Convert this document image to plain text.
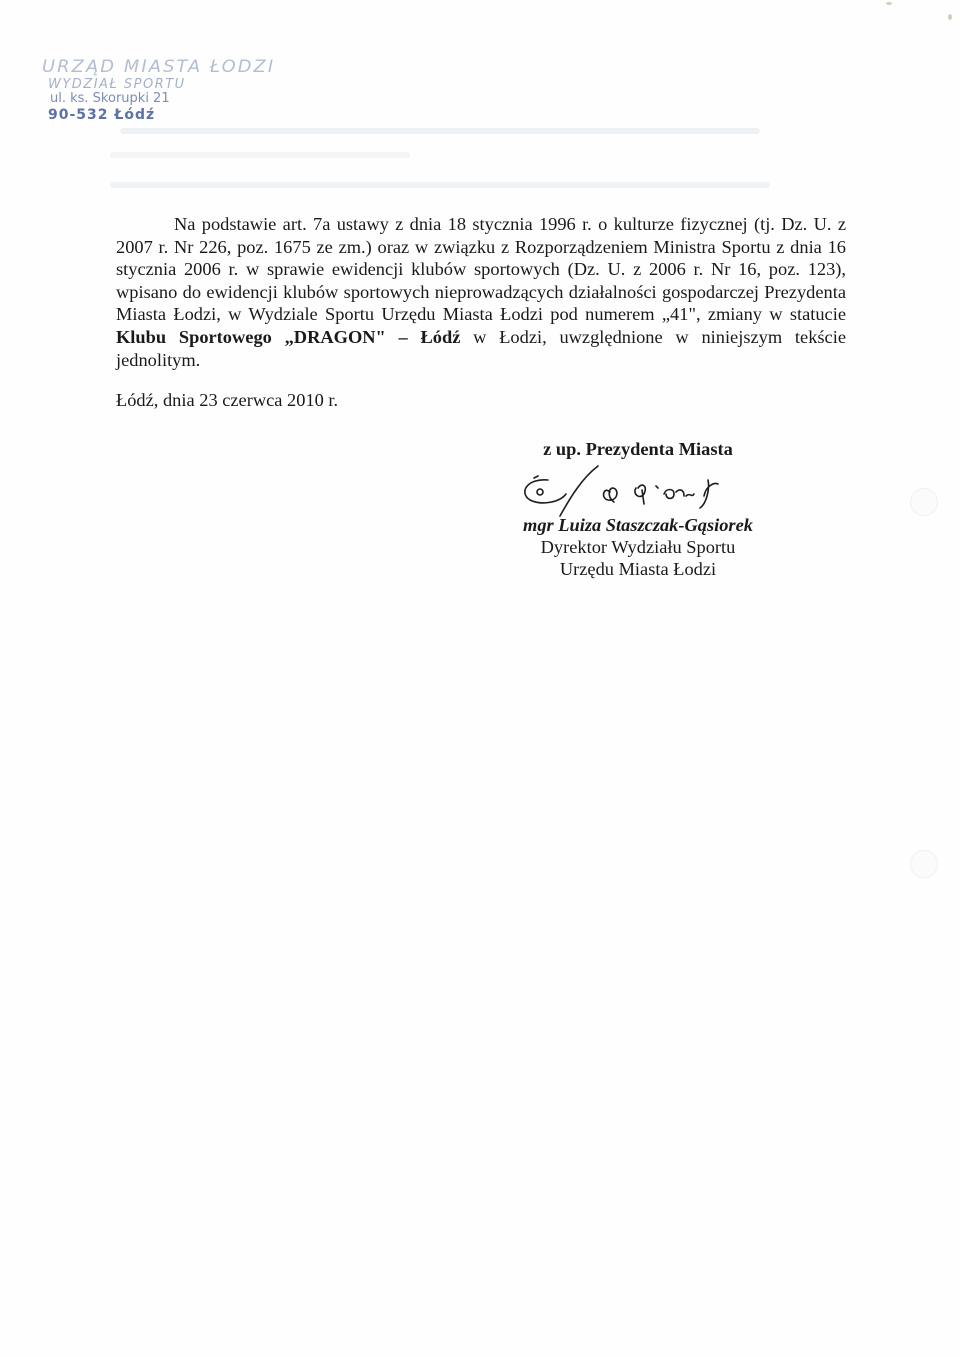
URZĄD MIASTA ŁODZI
WYDZIAŁ SPORTU
ul. ks. Skorupki 21
90-532 Łódź

Na podstawie art. 7a ustawy z dnia 18 stycznia 1996 r. o kulturze fizycznej (tj. Dz. U. z 2007 r. Nr 226, poz. 1675 ze zm.) oraz w związku z Rozporządzeniem Ministra Sportu z dnia 16 stycznia 2006 r. w sprawie ewidencji klubów sportowych (Dz. U. z 2006 r. Nr 16, poz. 123), wpisano do ewidencji klubów sportowych nieprowadzących działalności gospodarczej Prezydenta Miasta Łodzi, w Wydziale Sportu Urzędu Miasta Łodzi pod numerem „41", zmiany w statucie Klubu Sportowego „DRAGON" – Łódź w Łodzi, uwzględnione w niniejszym tekście jednolitym.

Łódź, dnia 23 czerwca 2010 r.
z up. Prezydenta Miasta
mgr Luiza Staszczak-Gąsiorek
Dyrektor Wydziału Sportu
Urzędu Miasta Łodzi
